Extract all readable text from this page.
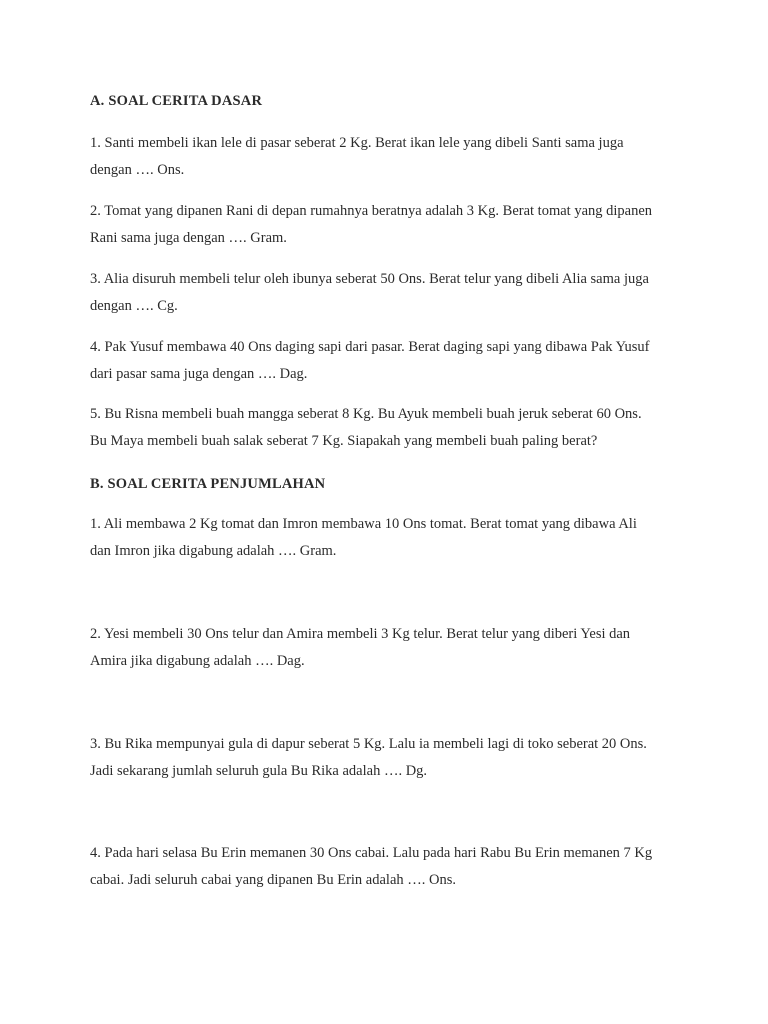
A. SOAL CERITA DASAR
1. Santi membeli ikan lele di pasar seberat 2 Kg. Berat ikan lele yang dibeli Santi sama juga
dengan …. Ons.
2. Tomat yang dipanen Rani di depan rumahnya beratnya adalah 3 Kg. Berat tomat yang dipanen
Rani sama juga dengan …. Gram.
3. Alia disuruh membeli telur oleh ibunya seberat 50 Ons. Berat telur yang dibeli Alia sama juga
dengan …. Cg.
4. Pak Yusuf membawa 40 Ons daging sapi dari pasar. Berat daging sapi yang dibawa Pak Yusuf
dari pasar sama juga dengan …. Dag.
5. Bu Risna membeli buah mangga seberat 8 Kg. Bu Ayuk membeli buah jeruk seberat 60 Ons.
Bu Maya membeli buah salak seberat 7 Kg. Siapakah yang membeli buah paling berat?
B. SOAL CERITA PENJUMLAHAN
1. Ali membawa 2 Kg tomat dan Imron membawa 10 Ons tomat. Berat tomat yang dibawa Ali
dan Imron jika digabung adalah …. Gram.
2. Yesi membeli 30 Ons telur dan Amira membeli 3 Kg telur. Berat telur yang diberi Yesi dan
Amira jika digabung adalah …. Dag.
3. Bu Rika mempunyai gula di dapur seberat 5 Kg. Lalu ia membeli lagi di toko seberat 20 Ons.
Jadi sekarang jumlah seluruh gula Bu Rika adalah …. Dg.
4. Pada hari selasa Bu Erin memanen 30 Ons cabai. Lalu pada hari Rabu Bu Erin memanen 7 Kg
cabai. Jadi seluruh cabai yang dipanen Bu Erin adalah …. Ons.
